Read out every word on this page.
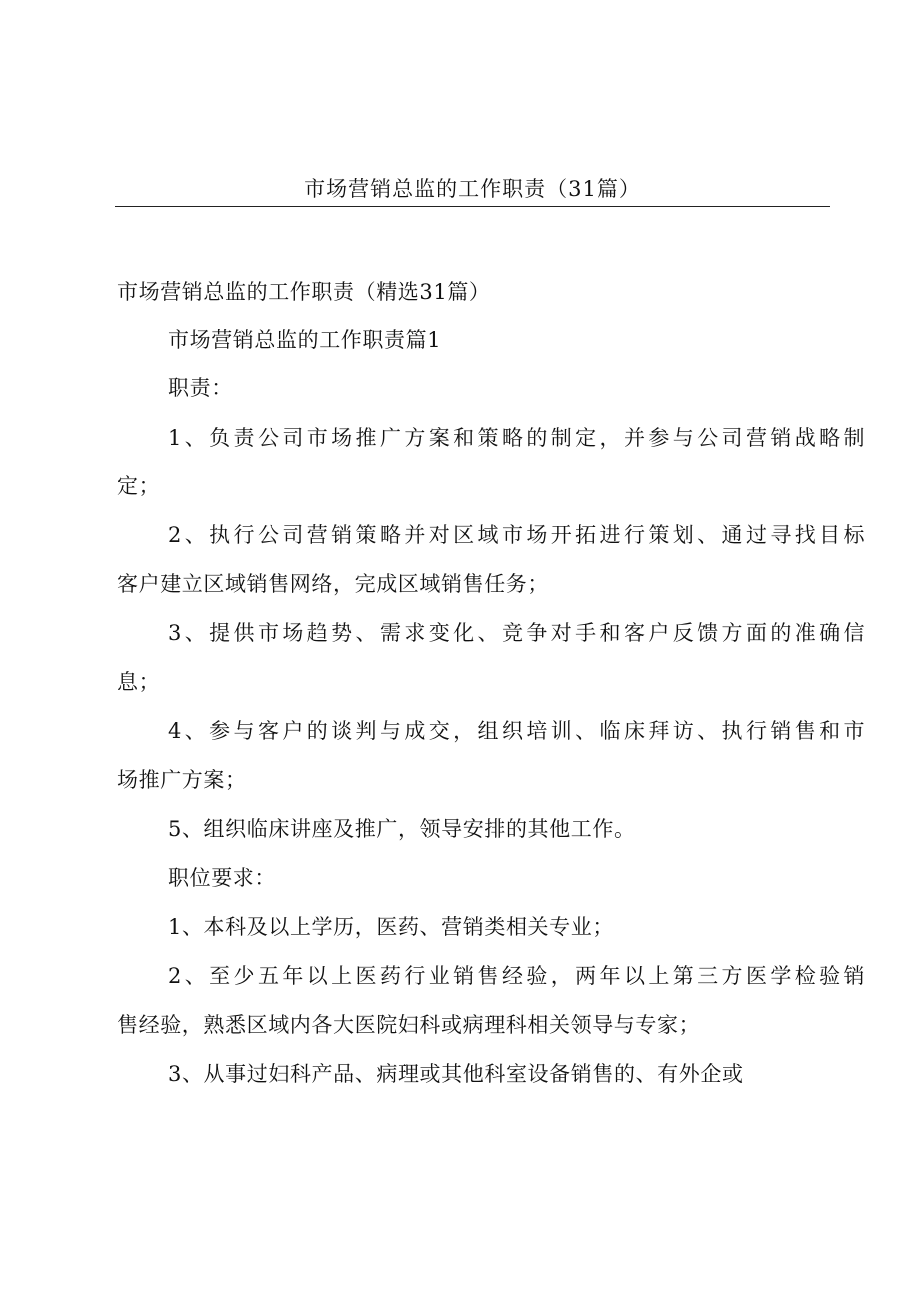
市场营销总监的工作职责（31篇）
市场营销总监的工作职责（精选31篇）
市场营销总监的工作职责篇1
职责：
1、负责公司市场推广方案和策略的制定，并参与公司营销战略制
定；
2、执行公司营销策略并对区域市场开拓进行策划、通过寻找目标
客户建立区域销售网络，完成区域销售任务；
3、提供市场趋势、需求变化、竞争对手和客户反馈方面的准确信
息；
4、参与客户的谈判与成交，组织培训、临床拜访、执行销售和市
场推广方案；
5、组织临床讲座及推广，领导安排的其他工作。
职位要求：
1、本科及以上学历，医药、营销类相关专业；
2、至少五年以上医药行业销售经验，两年以上第三方医学检验销
售经验，熟悉区域内各大医院妇科或病理科相关领导与专家；
3、从事过妇科产品、病理或其他科室设备销售的、有外企或
